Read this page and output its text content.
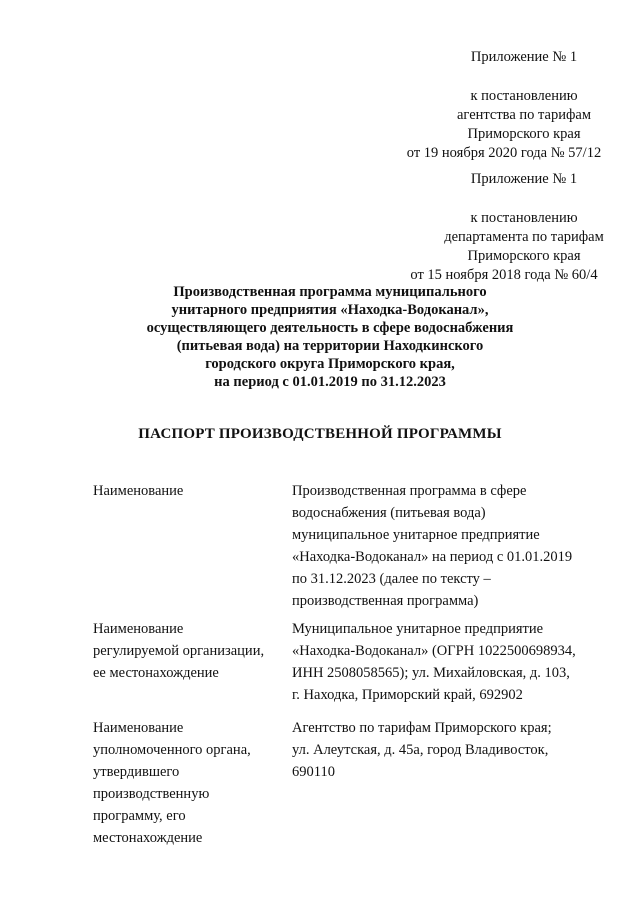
Приложение № 1
к постановлению
агентства по тарифам
Приморского края
от 19 ноября 2020 года № 57/12
Приложение № 1
к постановлению
департамента по тарифам
Приморского края
от 15 ноября 2018 года № 60/4
Производственная программа муниципального
унитарного предприятия «Находка-Водоканал»,
осуществляющего деятельность в сфере водоснабжения
(питьевая вода) на территории Находкинского
городского округа Приморского края,
на период с 01.01.2019 по 31.12.2023
ПАСПОРТ ПРОИЗВОДСТВЕННОЙ ПРОГРАММЫ
Наименование	Производственная программа в сфере
водоснабжения (питьевая вода)
муниципальное унитарное предприятие
«Находка-Водоканал» на период с 01.01.2019
по 31.12.2023 (далее по тексту –
производственная программа)
Наименование
регулируемой организации,
ее местонахождение
Муниципальное унитарное предприятие
«Находка-Водоканал» (ОГРН 1022500698934,
ИНН 2508058565); ул. Михайловская, д. 103,
г. Находка, Приморский край, 692902
Наименование
уполномоченного органа,
утвердившего
производственную
программу, его
местонахождение
Агентство по тарифам Приморского края;
ул. Алеутская, д. 45а, город Владивосток,
690110
